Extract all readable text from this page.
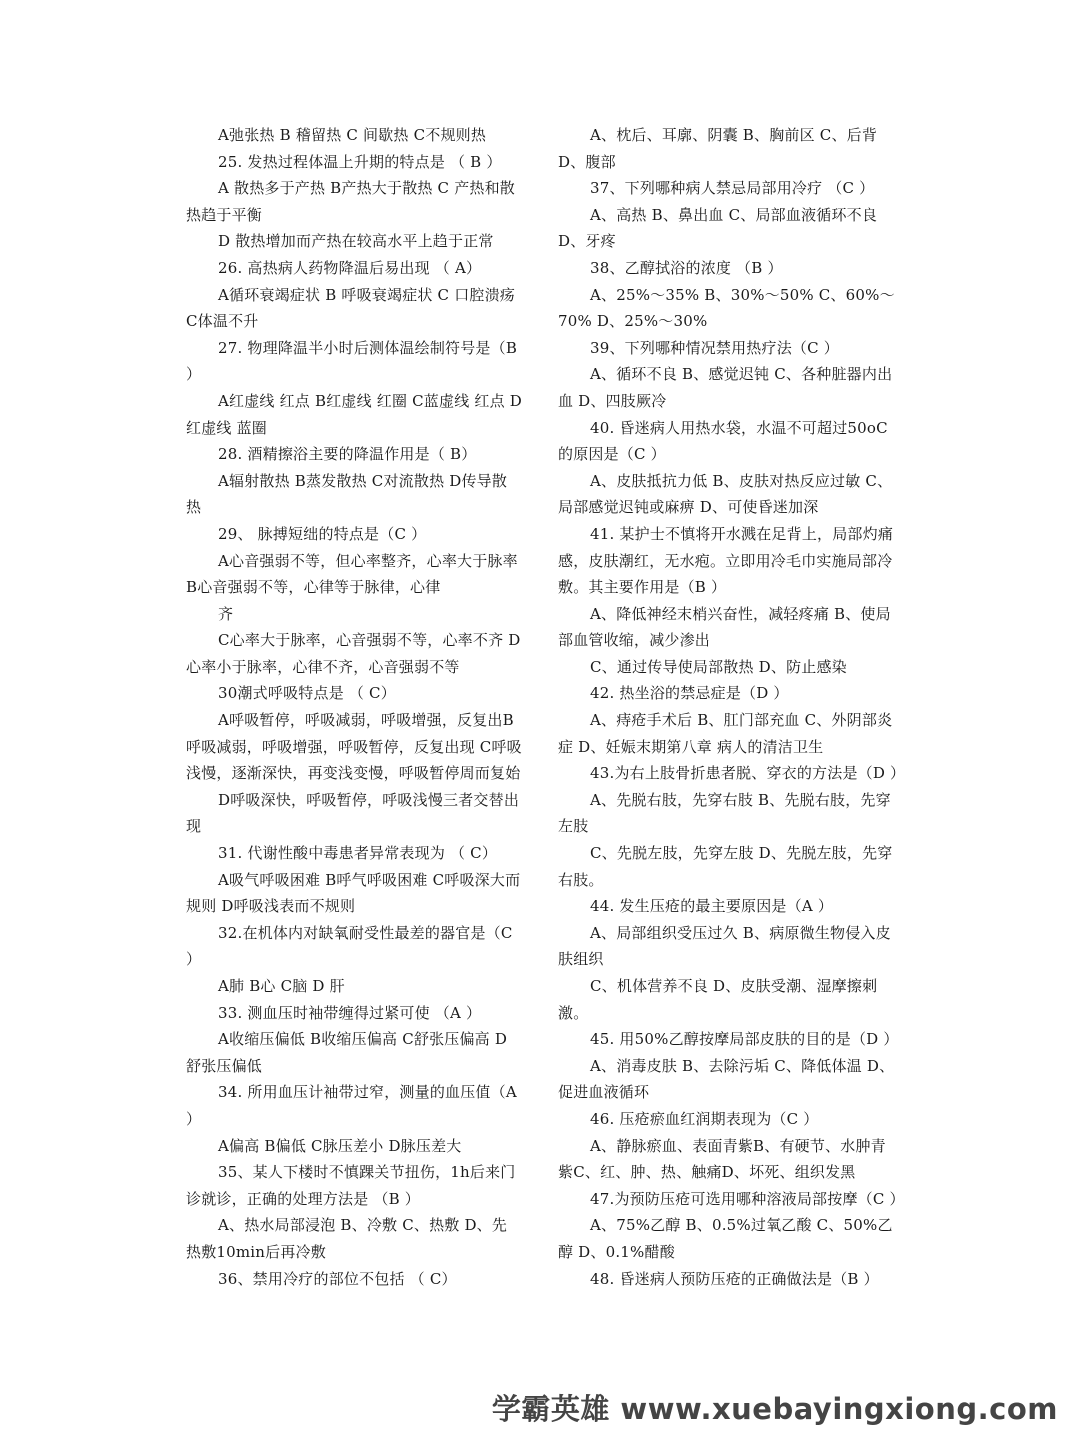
A弛张热 B 稽留热 C 间歇热 C不规则热

25. 发热过程体温上升期的特点是 （ B ）

A 散热多于产热 B产热大于散热 C 产热和散热趋于平衡

D 散热增加而产热在较高水平上趋于正常

26. 高热病人药物降温后易出现 （ A）

A循环衰竭症状 B 呼吸衰竭症状 C 口腔溃疡 C体温不升

27. 物理降温半小时后测体温绘制符号是（B ）

A红虚线 红点 B红虚线 红圈 C蓝虚线 红点 D红虚线 蓝圈

28. 酒精擦浴主要的降温作用是（ B）

A辐射散热 B蒸发散热 C对流散热 D传导散热

29、 脉搏短绌的特点是（C ）

A心音强弱不等，但心率整齐，心率大于脉率 B心音强弱不等，心律等于脉律，心律

齐

C心率大于脉率，心音强弱不等，心率不齐 D心率小于脉率，心律不齐，心音强弱不等

30潮式呼吸特点是 （ C）

A呼吸暂停，呼吸减弱，呼吸增强，反复出B 呼吸减弱，呼吸增强，呼吸暂停，反复出现 C呼吸浅慢，逐渐深快，再变浅变慢，呼吸暂停周而复始

D呼吸深快，呼吸暂停，呼吸浅慢三者交替出现

31. 代谢性酸中毒患者异常表现为 （ C）

A吸气呼吸困难 B呼气呼吸困难 C呼吸深大而规则 D呼吸浅表而不规则

32.在机体内对缺氧耐受性最差的器官是（C ）

A肺 B心 C脑 D 肝

33. 测血压时袖带缠得过紧可使 （A ）

A收缩压偏低 B收缩压偏高 C舒张压偏高 D舒张压偏低

34. 所用血压计袖带过窄，测量的血压值（A ）

A偏高 B偏低 C脉压差小 D脉压差大

35、某人下楼时不慎踝关节扭伤，1h后来门诊就诊，正确的处理方法是 （B ）

A、热水局部浸泡 B、冷敷 C、热敷 D、先热敷10min后再冷敷

36、禁用冷疗的部位不包括 （ C）

A、枕后、耳廓、阴囊 B、胸前区 C、后背 D、腹部

37、下列哪种病人禁忌局部用冷疗 （C ）

A、高热 B、鼻出血 C、局部血液循环不良 D、牙疼

38、乙醇拭浴的浓度 （B ）

A、25%～35% B、30%～50% C、60%～70% D、25%～30%

39、下列哪种情况禁用热疗法（C ）

A、循环不良 B、感觉迟钝 C、各种脏器内出血 D、四肢厥冷

40. 昏迷病人用热水袋，水温不可超过50oC的原因是（C ）

A、皮肤抵抗力低 B、皮肤对热反应过敏 C、局部感觉迟钝或麻痹 D、可使昏迷加深

41. 某护士不慎将开水溅在足背上，局部灼痛感，皮肤潮红，无水疱。立即用冷毛巾实施局部冷敷。其主要作用是（B ）

A、降低神经末梢兴奋性，减轻疼痛 B、使局部血管收缩，减少渗出

C、通过传导使局部散热 D、防止感染

42. 热坐浴的禁忌症是（D ）

A、痔疮手术后 B、肛门部充血 C、外阴部炎症 D、妊娠末期第八章 病人的清洁卫生

43.为右上肢骨折患者脱、穿衣的方法是（D ）

A、先脱右肢，先穿右肢 B、先脱右肢，先穿左肢

C、先脱左肢，先穿左肢 D、先脱左肢，先穿右肢。

44. 发生压疮的最主要原因是（A ）

A、局部组织受压过久 B、病原微生物侵入皮肤组织

C、机体营养不良 D、皮肤受潮、湿摩擦刺激。

45. 用50%乙醇按摩局部皮肤的目的是（D ）

A、消毒皮肤 B、去除污垢 C、降低体温 D、促进血液循环

46. 压疮瘀血红润期表现为（C ）

A、静脉瘀血、表面青紫B、有硬节、水肿青紫C、红、肿、热、触痛D、坏死、组织发黑

47.为预防压疮可选用哪种溶液局部按摩（C ）

A、75%乙醇 B、0.5%过氧乙酸 C、50%乙醇 D、0.1%醋酸

48. 昏迷病人预防压疮的正确做法是（B ）

学霸英雄 www.xuebayingxiong.com
